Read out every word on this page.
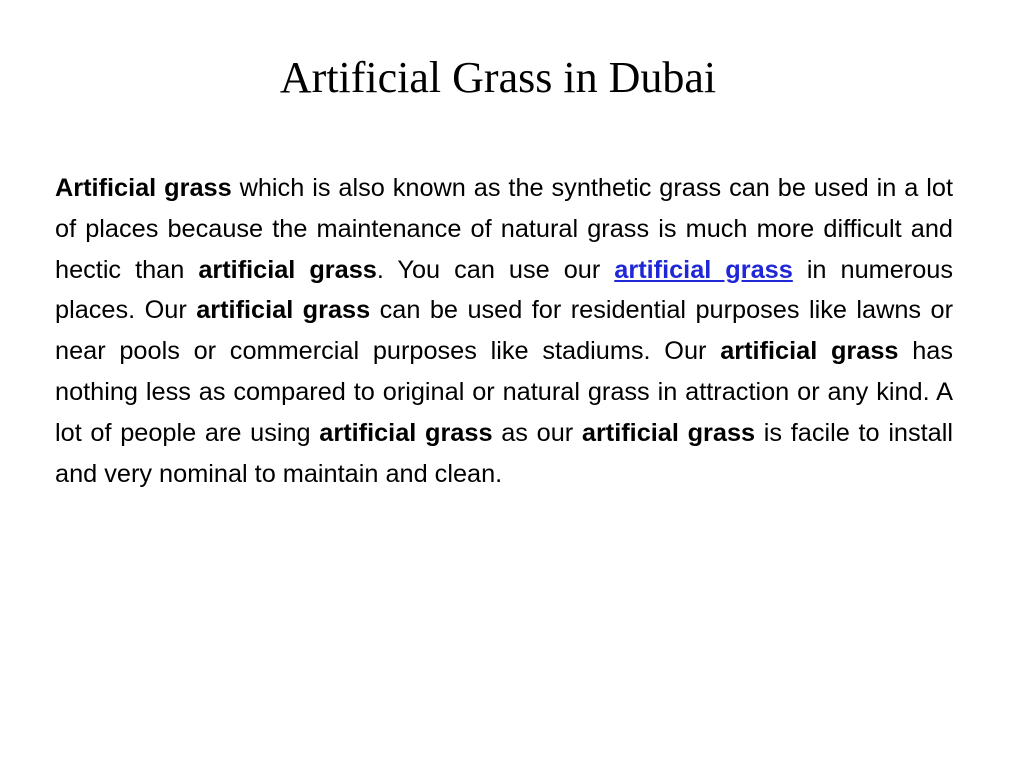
Artificial Grass in Dubai

Artificial grass which is also known as the synthetic grass can be used in a lot of places because the maintenance of natural grass is much more difficult and hectic than artificial grass. You can use our artificial grass in numerous places. Our artificial grass can be used for residential purposes like lawns or near pools or commercial purposes like stadiums. Our artificial grass has nothing less as compared to original or natural grass in attraction or any kind. A lot of people are using artificial grass as our artificial grass is facile to install and very nominal to maintain and clean.
